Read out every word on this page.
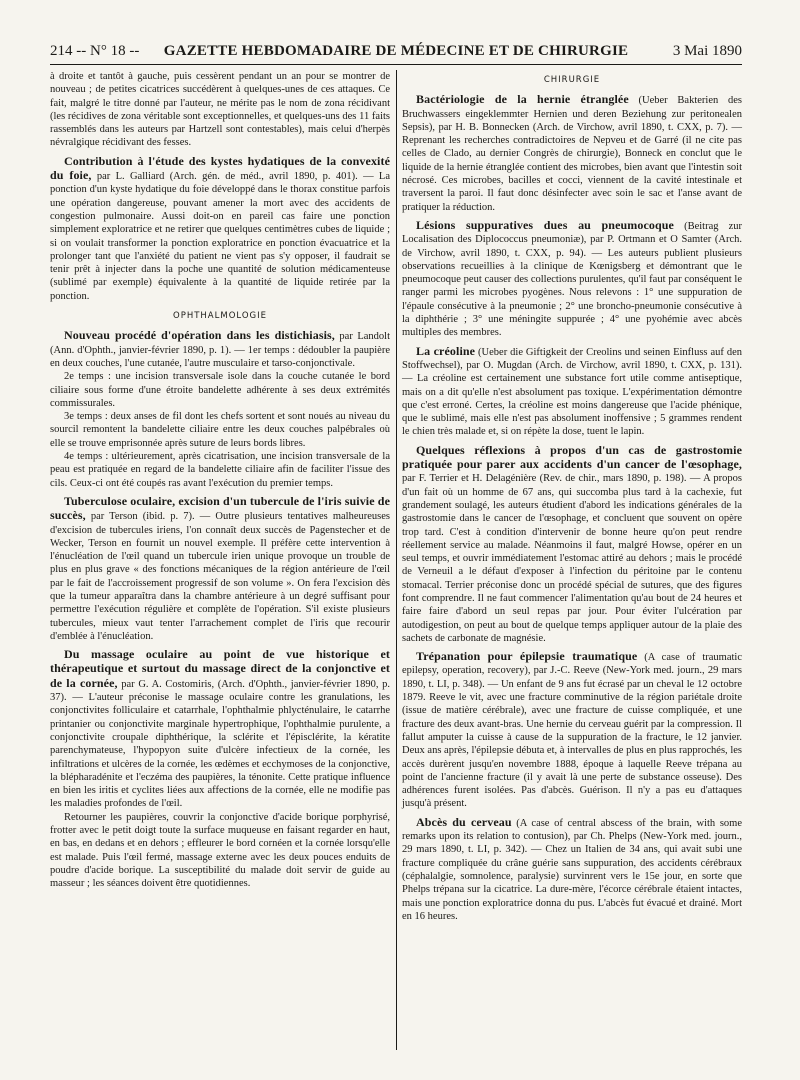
214 -- N° 18 --	GAZETTE HEBDOMADAIRE DE MÉDECINE ET DE CHIRURGIE	3 Mai 1890

à droite et tantôt à gauche, puis cessèrent pendant un an pour se montrer de nouveau ; de petites cicatrices succédèrent à quelques-unes de ces attaques. Ce fait, malgré le titre donné par l'auteur, ne mérite pas le nom de zona récidivant (les récidives de zona véritable sont exceptionnelles, et quelques-uns des 11 faits rassemblés dans les auteurs par Hartzell sont contestables), mais celui d'herpès névralgique récidivant des fesses.

Contribution à l'étude des kystes hydatiques de la convexité du foie, par L. Galliard (Arch. gén. de méd., avril 1890, p. 401). — La ponction d'un kyste hydatique du foie développé dans le thorax constitue parfois une opération dangereuse, pouvant amener la mort avec des accidents de congestion pulmonaire. Aussi doit-on en pareil cas faire une ponction simplement exploratrice et ne retirer que quelques centimètres cubes de liquide ; si on voulait transformer la ponction exploratrice en ponction évacuatrice et la prolonger tant que l'anxiété du patient ne vient pas s'y opposer, il faudrait se tenir prêt à injecter dans la poche une quantité de solution médicamenteuse (sublimé par exemple) équivalente à la quantité de liquide retirée par la ponction.

OPHTHALMOLOGIE

Nouveau procédé d'opération dans les distichiasis, par Landolt (Ann. d'Ophth., janvier-février 1890, p. 1). — 1er temps : dédoubler la paupière en deux couches, l'une cutanée, l'autre musculaire et tarso-conjonctivale.

2e temps : une incision transversale isole dans la couche cutanée le bord ciliaire sous forme d'une étroite bandelette adhérente à ses deux extrémités commissurales.

3e temps : deux anses de fil dont les chefs sortent et sont noués au niveau du sourcil remontent la bandelette ciliaire entre les deux couches palpébrales où elle se trouve emprisonnée après suture de leurs bords libres.

4e temps : ultérieurement, après cicatrisation, une incision transversale de la peau est pratiquée en regard de la bandelette ciliaire afin de faciliter l'issue des cils. Ceux-ci ont été coupés ras avant l'exécution du premier temps.

Tuberculose oculaire, excision d'un tubercule de l'iris suivie de succès, par Terson (ibid. p. 7). — Outre plusieurs tentatives malheureuses d'excision de tubercules iriens, l'on connaît deux succès de Pagenstecher et de Wecker, Terson en fournit un nouvel exemple. Il préfère cette intervention à l'énucléation de l'œil quand un tubercule irien unique provoque un trouble de plus en plus grave « des fonctions mécaniques de la région antérieure de l'œil par le fait de l'accroissement progressif de son volume ». On fera l'excision dès que la tumeur apparaîtra dans la chambre antérieure à un degré suffisant pour permettre l'exécution régulière et complète de l'opération. S'il existe plusieurs tubercules, mieux vaut tenter l'arrachement complet de l'iris que recourir d'emblée à l'énucléation.

Du massage oculaire au point de vue historique et thérapeutique et surtout du massage direct de la conjonctive et de la cornée, par G. A. Costomiris, (Arch. d'Ophth., janvier-février 1890, p. 37). — L'auteur préconise le massage oculaire contre les granulations, les conjonctivites folliculaire et catarrhale, l'ophthalmie phlycténulaire, le catarrhe printanier ou conjonctivite marginale hypertrophique, l'ophthalmie purulente, a conjonctivite croupale diphthérique, la sclérite et l'épisclérite, la kératite parenchymateuse, l'hypopyon suite d'ulcère infectieux de la cornée, les infiltrations et ulcères de la cornée, les œdèmes et ecchymoses de la conjonctive, la blépharadénite et l'eczéma des paupières, la ténonite. Cette pratique influence en bien les iritis et cyclites liées aux affections de la cornée, elle ne modifie pas les maladies profondes de l'œil.

Retourner les paupières, couvrir la conjonctive d'acide borique porphyrisé, frotter avec le petit doigt toute la surface muqueuse en faisant regarder en haut, en bas, en dedans et en dehors ; effleurer le bord cornéen et la cornée lorsqu'elle est malade. Puis l'œil fermé, massage externe avec les deux pouces enduits de poudre d'acide borique. La susceptibilité du malade doit servir de guide au masseur ; les séances doivent être quotidiennes.

CHIRURGIE

Bactériologie de la hernie étranglée (Ueber Bakterien des Bruchwassers eingeklemmter Hernien und deren Beziehung zur peritonealen Sepsis), par H. B. Bonnecken (Arch. de Virchow, avril 1890, t. CXX, p. 7). — Reprenant les recherches contradictoires de Nepveu et de Garré (il ne cite pas celles de Clado, au dernier Congrès de chirurgie), Bonneck en conclut que le liquide de la hernie étranglée contient des microbes, bien avant que l'intestin soit nécrosé. Ces microbes, bacilles et cocci, viennent de la cavité intestinale et traversent la paroi. Il faut donc désinfecter avec soin le sac et l'anse avant de pratiquer la réduction.

Lésions suppuratives dues au pneumocoque (Beitrag zur Localisation des Diplococcus pneumoniæ), par P. Ortmann et O Samter (Arch. de Virchow, avril 1890, t. CXX, p. 94). — Les auteurs publient plusieurs observations recueillies à la clinique de Kœnigsberg et démontrant que le pneumocoque peut causer des collections purulentes, qu'il faut par conséquent le ranger parmi les microbes pyogènes. Nous relevons : 1° une suppuration de l'épaule consécutive à la pneumonie ; 2° une broncho-pneumonie consécutive à la diphthérie ; 3° une méningite suppurée ; 4° une pyohémie avec abcès multiples des membres.

La créoline (Ueber die Giftigkeit der Creolins und seinen Einfluss auf den Stoffwechsel), par O. Mugdan (Arch. de Virchow, avril 1890, t. CXX, p. 131). — La créoline est certainement une substance fort utile comme antiseptique, mais on a dit qu'elle n'est absolument pas toxique. L'expérimentation démontre que c'est erroné. Certes, la créoline est moins dangereuse que l'acide phénique, que le sublimé, mais elle n'est pas absolument inoffensive ; 5 grammes rendent le chien très malade et, si on répète la dose, tuent le lapin.

Quelques réflexions à propos d'un cas de gastrostomie pratiquée pour parer aux accidents d'un cancer de l'œsophage, par F. Terrier et H. Delagénière (Rev. de chir., mars 1890, p. 198). — A propos d'un fait où un homme de 67 ans, qui succomba plus tard à la cachexie, fut grandement soulagé, les auteurs étudient d'abord les indications générales de la gastrostomie dans le cancer de l'œsophage, et concluent que souvent on opère trop tard. C'est à condition d'intervenir de bonne heure qu'on peut rendre réellement service au malade. Néanmoins il faut, malgré Howse, opérer en un seul temps, et ouvrir immédiatement l'estomac attiré au dehors ; mais le procédé de Verneuil a le défaut d'exposer à l'infection du péritoine par le contenu stomacal. Terrier préconise donc un procédé spécial de sutures, que des figures font comprendre. Il ne faut commencer l'alimentation qu'au bout de 24 heures et faire faire d'abord un seul repas par jour. Pour éviter l'ulcération par autodigestion, on peut au bout de quelque temps appliquer autour de la plaie des sachets de carbonate de magnésie.

Trépanation pour épilepsie traumatique (A case of traumatic epilepsy, operation, recovery), par J.-C. Reeve (New-York med. journ., 29 mars 1890, t. LI, p. 348). — Un enfant de 9 ans fut écrasé par un cheval le 12 octobre 1879. Reeve le vit, avec une fracture comminutive de la région pariétale droite (issue de matière cérébrale), avec une fracture de cuisse compliquée, et une fracture des deux avant-bras. Une hernie du cerveau guérit par la compression. Il fallut amputer la cuisse à cause de la suppuration de la fracture, le 12 janvier. Deux ans après, l'épilepsie débuta et, à intervalles de plus en plus rapprochés, les accès durèrent jusqu'en novembre 1888, époque à laquelle Reeve trépana au point de l'ancienne fracture (il y avait là une perte de substance osseuse). Des adhérences furent isolées. Pas d'abcès. Guérison. Il n'y a pas eu d'attaques jusqu'à présent.

Abcès du cerveau (A case of central abscess of the brain, with some remarks upon its relation to contusion), par Ch. Phelps (New-York med. journ., 29 mars 1890, t. LI, p. 342). — Chez un Italien de 34 ans, qui avait subi une fracture compliquée du crâne guérie sans suppuration, des accidents cérébraux (céphalalgie, somnolence, paralysie) survinrent vers le 15e jour, en sorte que Phelps trépana sur la cicatrice. La dure-mère, l'écorce cérébrale étaient intactes, mais une ponction exploratrice donna du pus. L'abcès fut évacué et drainé. Mort en 16 heures.
